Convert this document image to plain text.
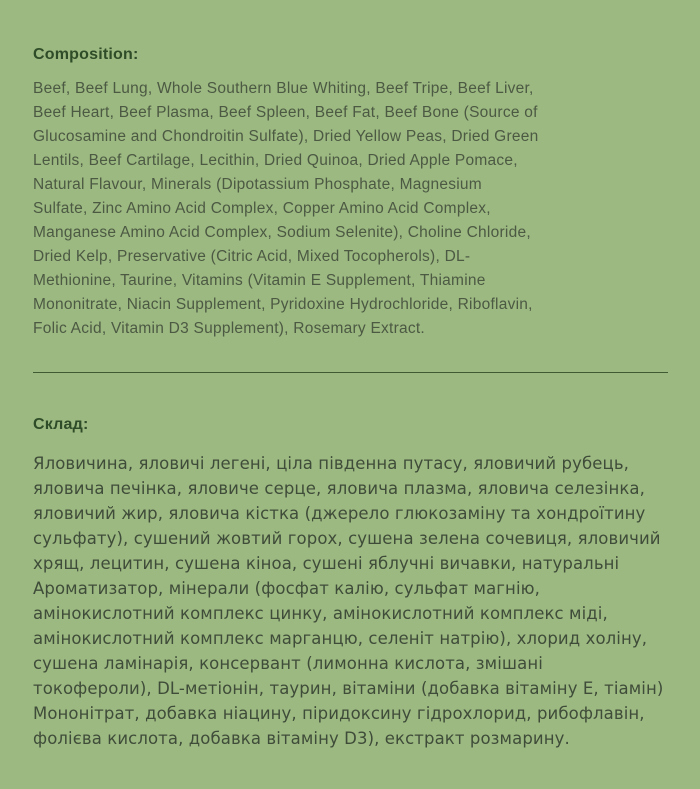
Composition:
Beef, Beef Lung, Whole Southern Blue Whiting, Beef Tripe, Beef Liver,
Beef Heart, Beef Plasma, Beef Spleen, Beef Fat, Beef Bone (Source of
Glucosamine and Chondroitin Sulfate), Dried Yellow Peas, Dried Green
Lentils, Beef Cartilage, Lecithin, Dried Quinoa, Dried Apple Pomace,
Natural Flavour, Minerals (Dipotassium Phosphate, Magnesium
Sulfate, Zinc Amino Acid Complex, Copper Amino Acid Complex,
Manganese Amino Acid Complex, Sodium Selenite), Choline Chloride,
Dried Kelp, Preservative (Citric Acid, Mixed Tocopherols), DL-
Methionine, Taurine, Vitamins (Vitamin E Supplement, Thiamine
Mononitrate, Niacin Supplement, Pyridoxine Hydrochloride, Riboflavin,
Folic Acid, Vitamin D3 Supplement), Rosemary Extract.
Склад:
Яловичина, яловичі легені, ціла південна путасу, яловичий рубець,
яловича печінка, яловиче серце, яловича плазма, яловича селезінка,
яловичий жир, яловича кістка (джерело глюкозаміну та хондроїтину
сульфату), сушений жовтий горох, сушена зелена сочевиця, яловичий
хрящ, лецитин, сушена кіноа, сушені яблучні вичавки, натуральні
Ароматизатор, мінерали (фосфат калію, сульфат магнію,
амінокислотний комплекс цинку, амінокислотний комплекс міді,
амінокислотний комплекс марганцю, селеніт натрію), хлорид холіну,
сушена ламінарія, консервант (лимонна кислота, змішані
токофероли), DL-метіонін, таурин, вітаміни (добавка вітаміну Е, тіамін)
Мононітрат, добавка ніацину, піридоксину гідрохлорид, рибофлавін,
фолієва кислота, добавка вітаміну D3), екстракт розмарину.
